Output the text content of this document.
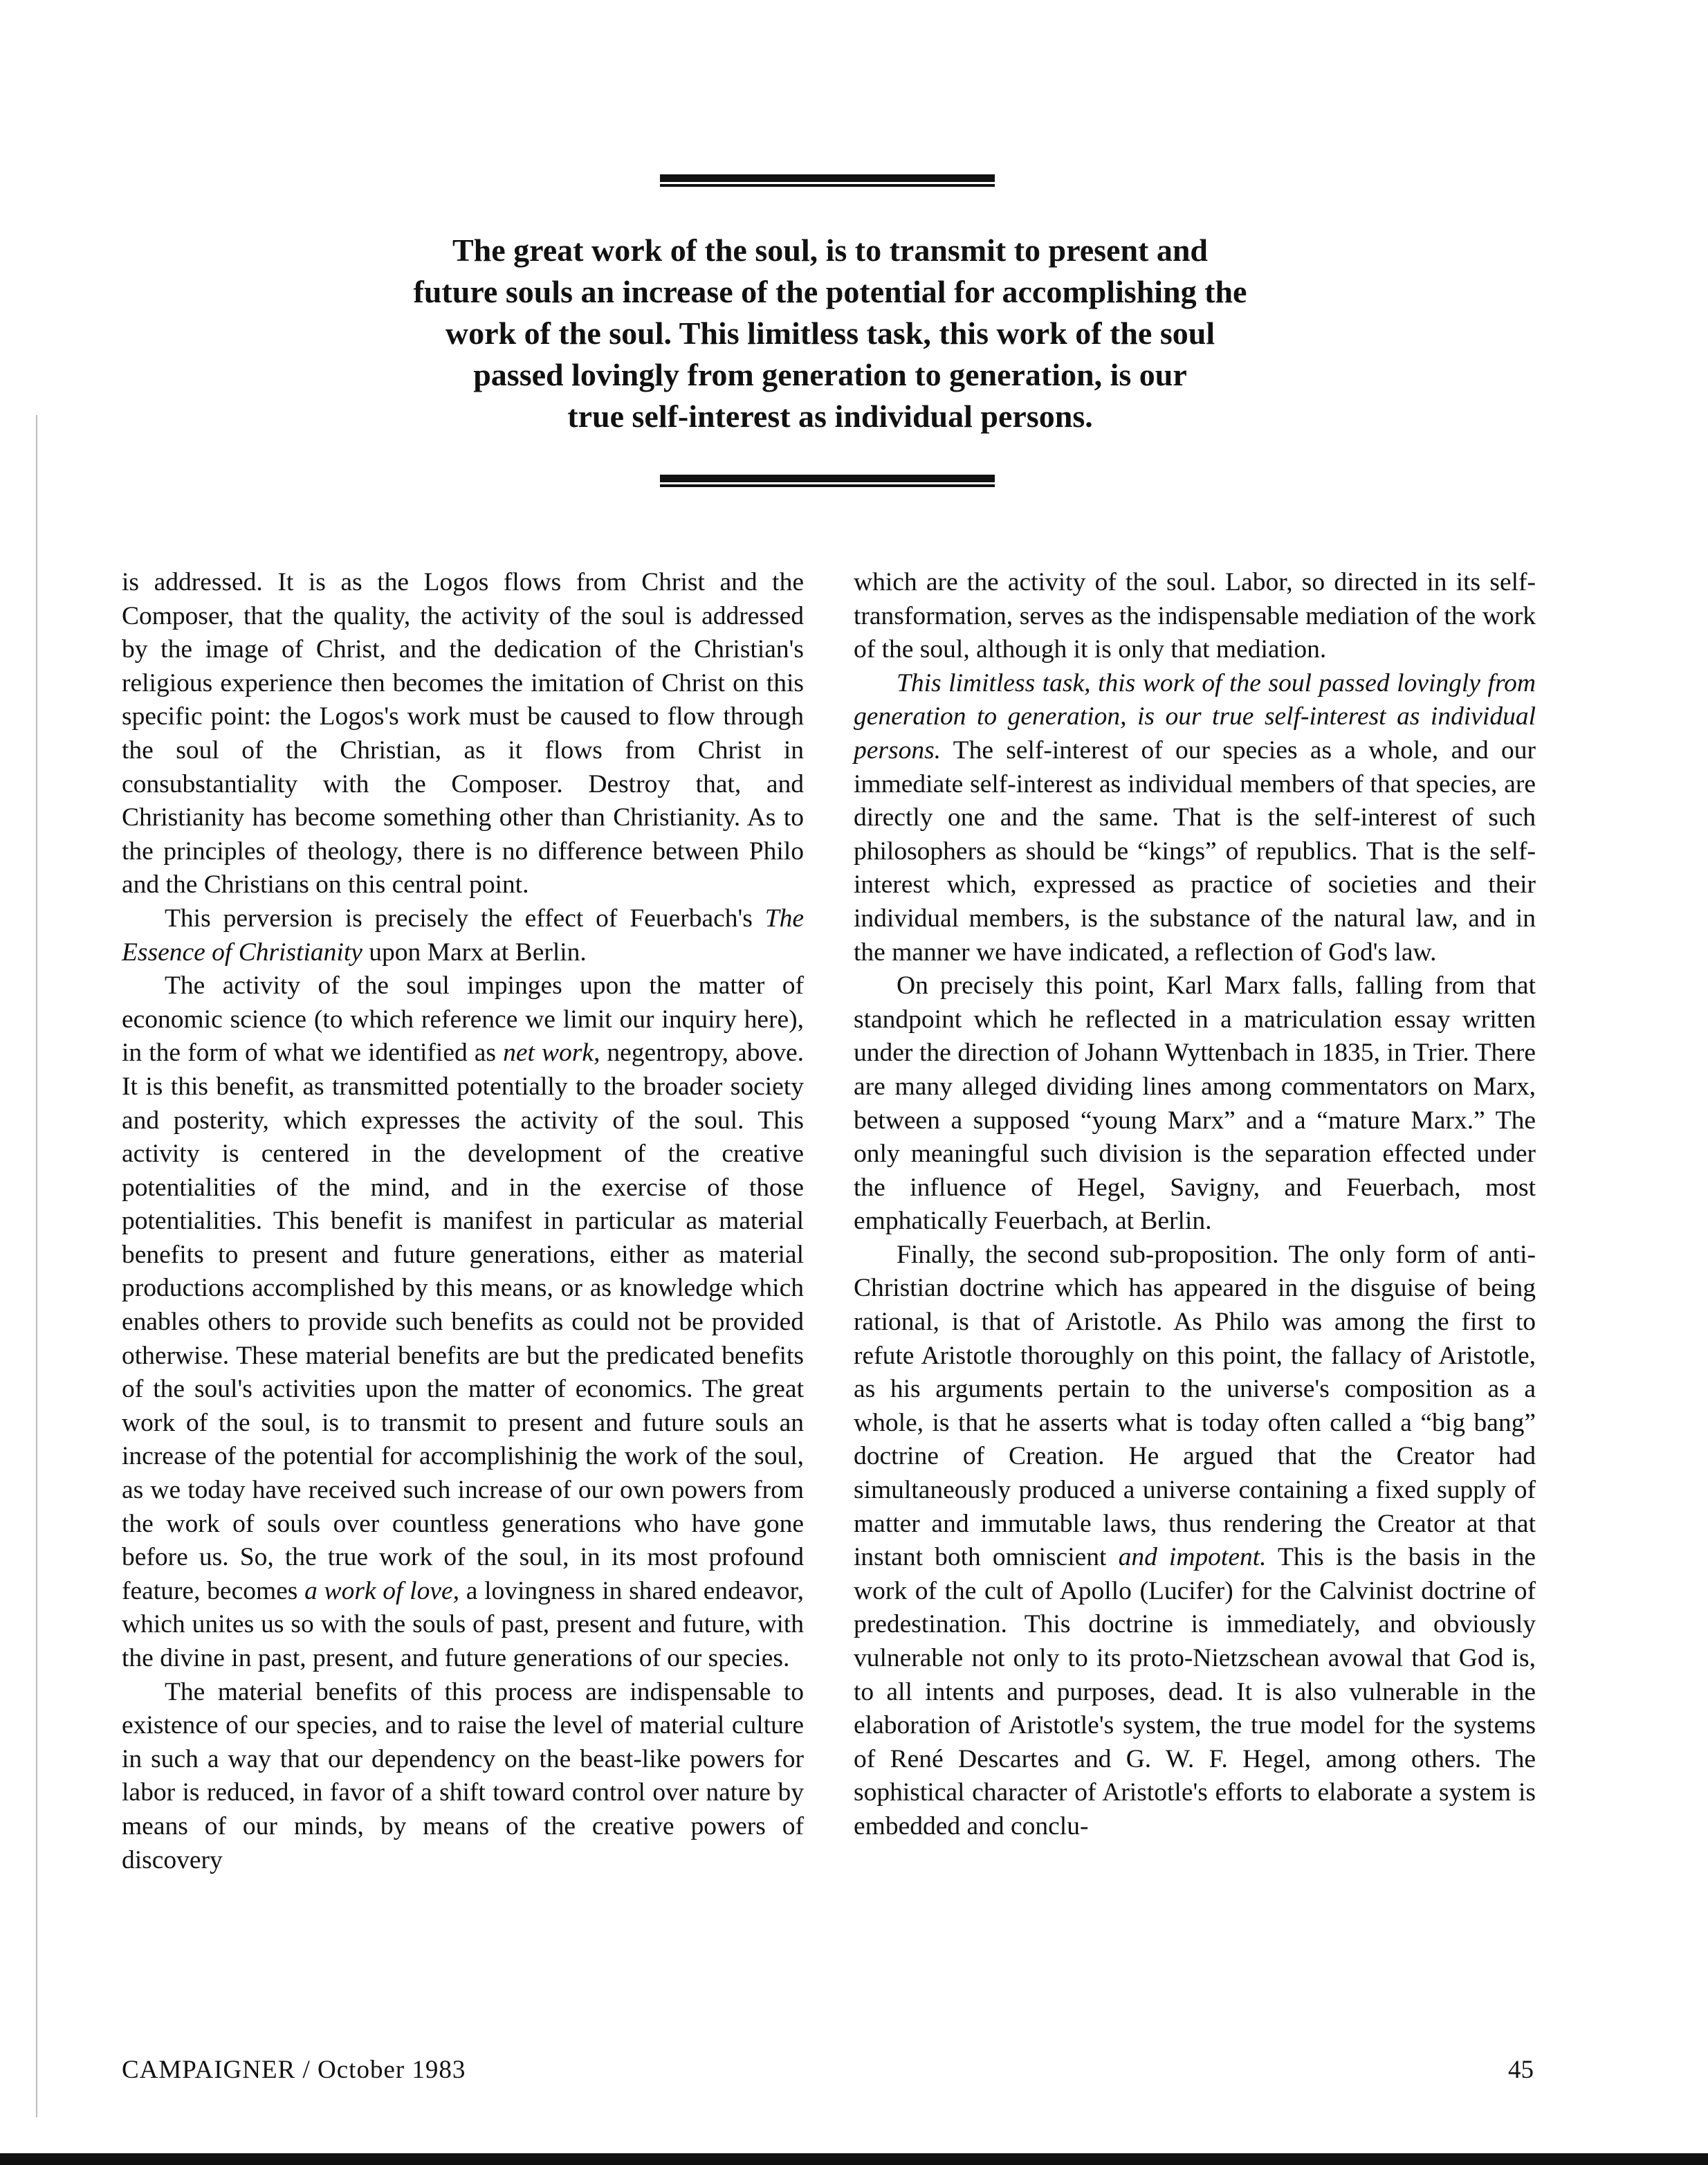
The great work of the soul, is to transmit to present and
future souls an increase of the potential for accomplishing the
work of the soul. This limitless task, this work of the soul
passed lovingly from generation to generation, is our
true self-interest as individual persons.

is addressed. It is as the Logos flows from Christ and the Composer, that the quality, the activity of the soul is addressed by the image of Christ, and the dedication of the Christian's religious experience then becomes the imitation of Christ on this specific point: the Logos's work must be caused to flow through the soul of the Christian, as it flows from Christ in consubstantiality with the Composer. Destroy that, and Christianity has become something other than Christianity. As to the principles of theology, there is no difference between Philo and the Christians on this central point.

This perversion is precisely the effect of Feuerbach's The Essence of Christianity upon Marx at Berlin.

The activity of the soul impinges upon the matter of economic science (to which reference we limit our inquiry here), in the form of what we identified as net work, negentropy, above. It is this benefit, as transmitted potentially to the broader society and posterity, which expresses the activity of the soul. This activity is centered in the development of the creative potentialities of the mind, and in the exercise of those potentialities. This benefit is manifest in particular as material benefits to present and future generations, either as material productions accomplished by this means, or as knowledge which enables others to provide such benefits as could not be provided otherwise. These material benefits are but the predicated benefits of the soul's activities upon the matter of economics. The great work of the soul, is to transmit to present and future souls an increase of the potential for accomplishinig the work of the soul, as we today have received such increase of our own powers from the work of souls over countless generations who have gone before us. So, the true work of the soul, in its most profound feature, becomes a work of love, a lovingness in shared endeavor, which unites us so with the souls of past, present and future, with the divine in past, present, and future generations of our species.

The material benefits of this process are indispensable to existence of our species, and to raise the level of material culture in such a way that our dependency on the beast-like powers for labor is reduced, in favor of a shift toward control over nature by means of our minds, by means of the creative powers of discovery

which are the activity of the soul. Labor, so directed in its self-transformation, serves as the indispensable mediation of the work of the soul, although it is only that mediation.

This limitless task, this work of the soul passed lovingly from generation to generation, is our true self-interest as individual persons. The self-interest of our species as a whole, and our immediate self-interest as individual members of that species, are directly one and the same. That is the self-interest of such philosophers as should be “kings” of republics. That is the self-interest which, expressed as practice of societies and their individual members, is the substance of the natural law, and in the manner we have indicated, a reflection of God's law.

On precisely this point, Karl Marx falls, falling from that standpoint which he reflected in a matriculation essay written under the direction of Johann Wyttenbach in 1835, in Trier. There are many alleged dividing lines among commentators on Marx, between a supposed “young Marx” and a “mature Marx.” The only meaningful such division is the separation effected under the influence of Hegel, Savigny, and Feuerbach, most emphatically Feuerbach, at Berlin.

Finally, the second sub-proposition. The only form of anti-Christian doctrine which has appeared in the disguise of being rational, is that of Aristotle. As Philo was among the first to refute Aristotle thoroughly on this point, the fallacy of Aristotle, as his arguments pertain to the universe's composition as a whole, is that he asserts what is today often called a “big bang” doctrine of Creation. He argued that the Creator had simultaneously produced a universe containing a fixed supply of matter and immutable laws, thus rendering the Creator at that instant both omniscient and impotent. This is the basis in the work of the cult of Apollo (Lucifer) for the Calvinist doctrine of predestination. This doctrine is immediately, and obviously vulnerable not only to its proto-Nietzschean avowal that God is, to all intents and purposes, dead. It is also vulnerable in the elaboration of Aristotle's system, the true model for the systems of René Descartes and G. W. F. Hegel, among others. The sophistical character of Aristotle's efforts to elaborate a system is embedded and conclu-

CAMPAIGNER / October 1983	45
